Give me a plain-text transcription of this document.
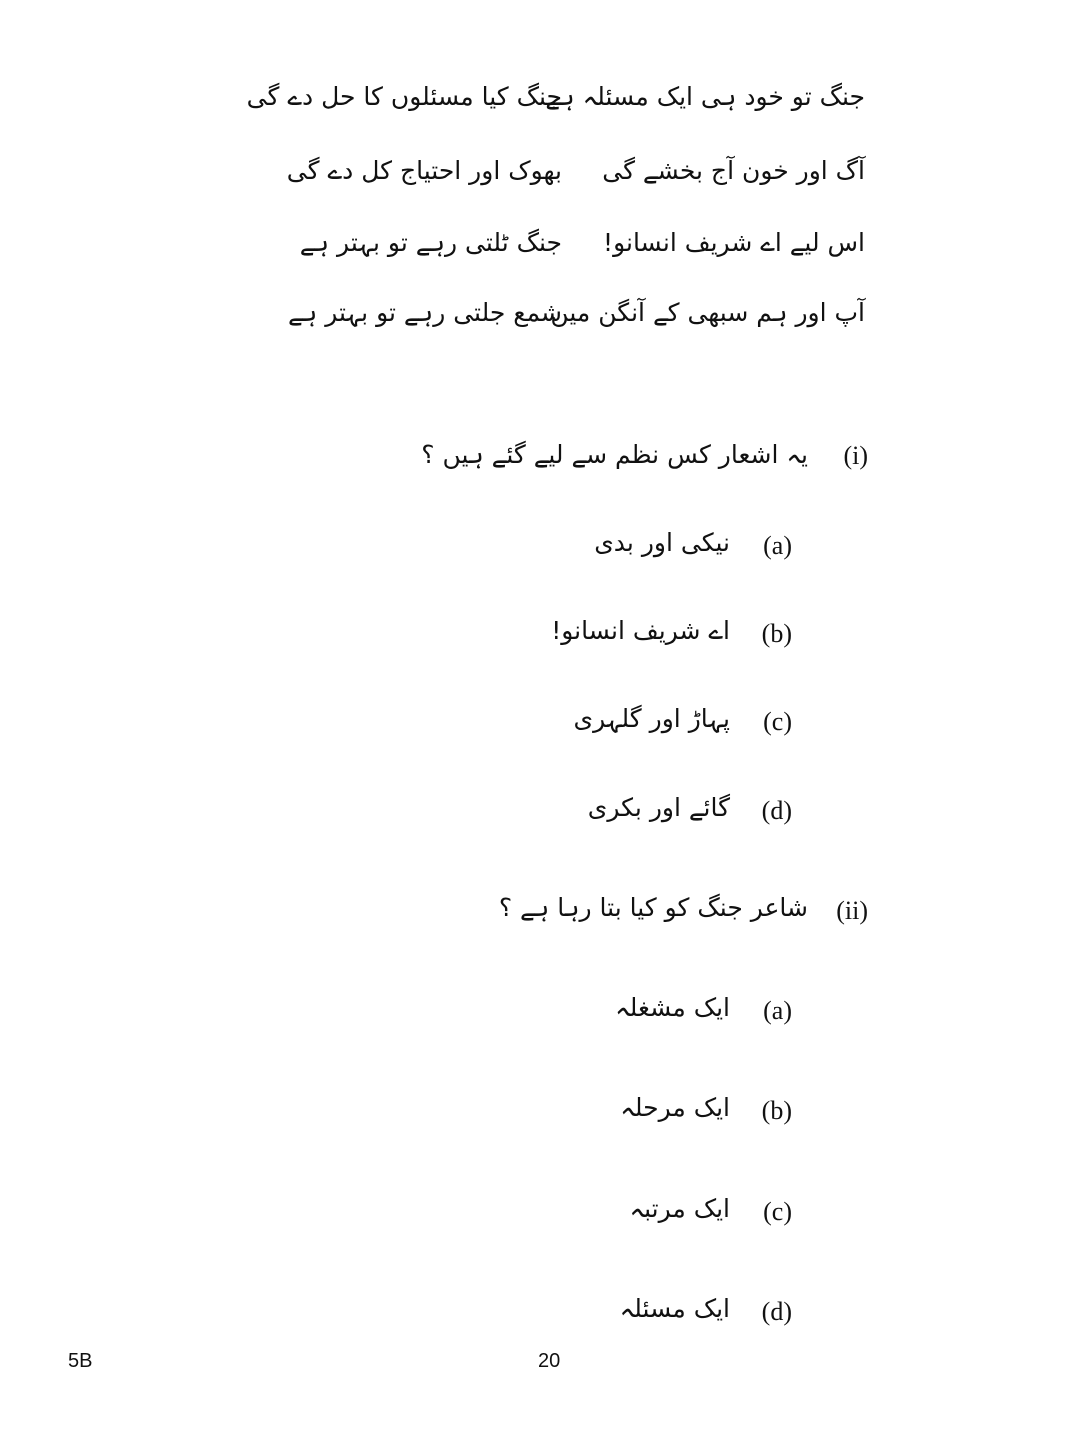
جنگ تو خود ہی ایک مسئلہ ہے
جنگ کیا مسئلوں کا حل دے گی
آگ اور خون آج بخشے گی
بھوک اور احتیاج کل دے گی
اس لیے اے شریف انسانو!
جنگ ٹلتی رہے تو بہتر ہے
آپ اور ہم سبھی کے آنگن میں
شمع جلتی رہے تو بہتر ہے
(i)
یہ اشعار کس نظم سے لیے گئے ہیں ؟
(a)
نیکی اور بدی
(b)
اے شریف انسانو!
(c)
پہاڑ اور گلہری
(d)
گائے اور بکری
(ii)
شاعر جنگ کو کیا بتا رہا ہے ؟
(a)
ایک مشغلہ
(b)
ایک مرحلہ
(c)
ایک مرتبہ
(d)
ایک مسئلہ
5B	20
